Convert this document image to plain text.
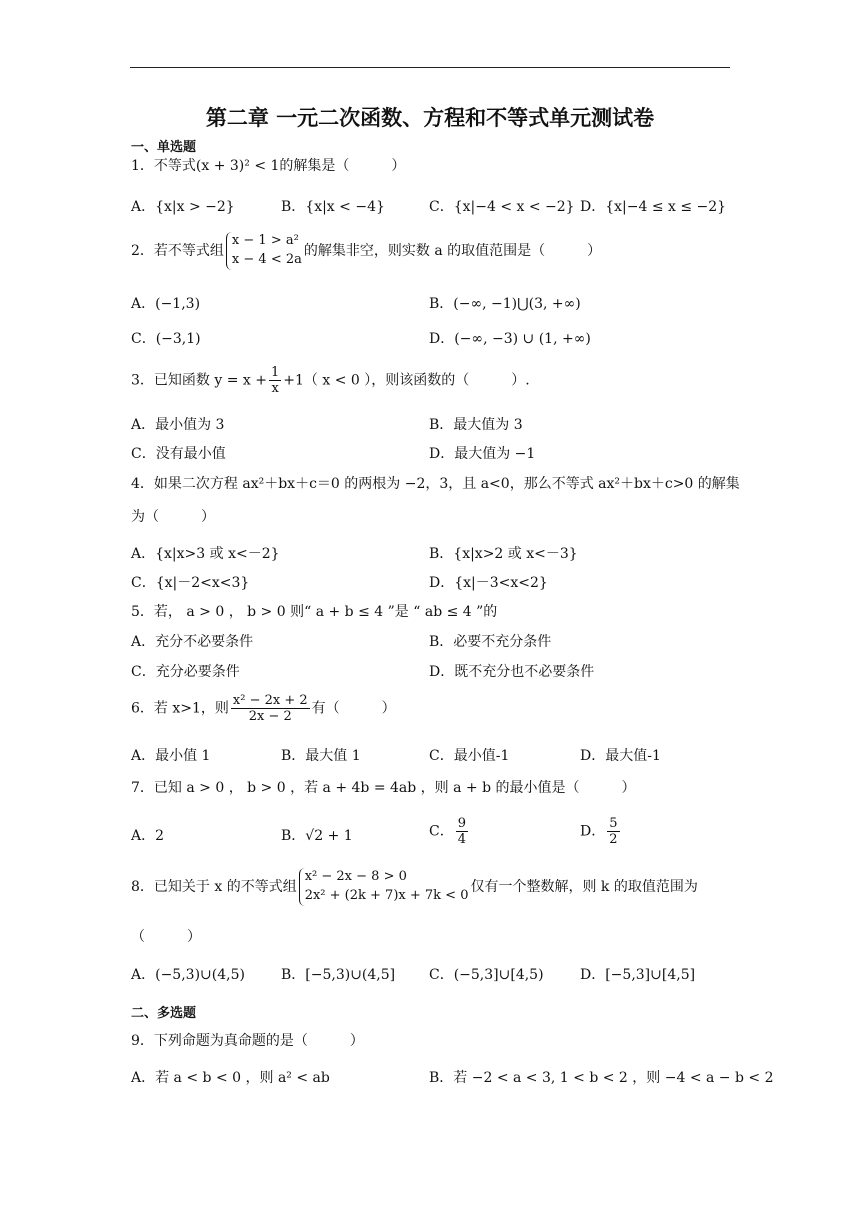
第二章 一元二次函数、方程和不等式单元测试卷
一、单选题
1．不等式(x + 3)² < 1的解集是（　　　）
A．{x|x > −2}	B．{x|x < −4}	C．{x|−4 < x < −2} D．{x|−4 ≤ x ≤ −2}
2．若不等式组
x − 1 > a²
x − 4 < 2a
的解集非空，则实数 a 的取值范围是（　　　）
A．(−1,3)	B．(−∞, −1)⋃(3, +∞)
C．(−3,1)	D．(−∞, −3) ∪ (1, +∞)
3．已知函数 $y = x + \frac{1}{x} +1$（ x < 0 ），则该函数的（　　　）.
A．最小值为 3	B．最大值为 3
C．没有最小值	D．最大值为 −1
4．如果二次方程 ax²＋bx＋c＝0 的两根为 −2，3，且 a<0，那么不等式 ax²＋bx＋c>0 的解集
为（　　　）
A．{x|x>3 或 x<－2}	B．{x|x>2 或 x<－3}
C．{x|－2<x<3}	D．{x|－3<x<2}
5．若， a > 0 ， b > 0 则“ a + b ≤ 4 ”是 “ ab ≤ 4 ”的
A．充分不必要条件	B．必要不充分条件
C．充分必要条件	D．既不充分也不必要条件
6．若 x>1，则 $\frac{\text{x² − 2x + 2}}{2x - 2}$ 有（　　　）
A．最小值 1	B．最大值 1	C．最小值-1	D．最大值-1
7．已知 a > 0 ， b > 0 ，若 a + 4b = 4ab ，则 a + b 的最小值是（　　　）
A．2	B．√2 + 1	C． $\frac{9}{4}$	D． $\frac{5}{2}$
8．已知关于 x 的不等式组
x² − 2x − 8 > 0
2x² + (2k + 7)x + 7k < 0
仅有一个整数解，则 k 的取值范围为
（　　　）
A．(−5,3)∪(4,5)	B．[−5,3)∪(4,5] C．(−5,3]∪[4,5)	D．[−5,3]∪[4,5]
二、多选题
9．下列命题为真命题的是（　　　）
A．若 a < b < 0 ，则 a² < ab	B．若 −2 < a < 3, 1 < b < 2 ，则 −4 < a − b < 2
